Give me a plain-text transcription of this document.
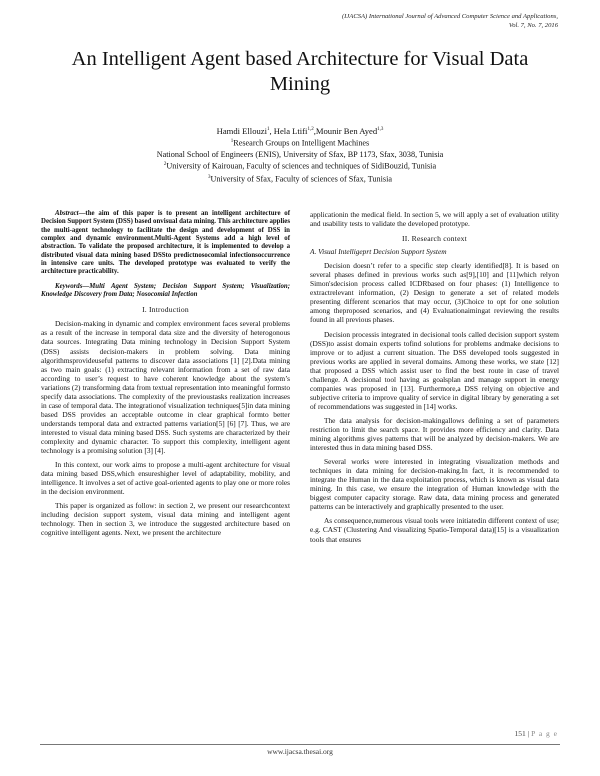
(IJACSA) International Journal of Advanced Computer Science and Applications,
Vol. 7, No. 7, 2016
An Intelligent Agent based Architecture for Visual Data Mining
Hamdi Ellouzi$^1$, Hela Ltifi$^{1,2}$,Mounir Ben Ayed$^{1,3}$
$^1$Research Groups on Intelligent Machines
National School of Engineers (ENIS), University of Sfax, BP 1173, Sfax, 3038, Tunisia
$^2$University of Kairouan, Faculty of sciences and techniques of SidiBouzid, Tunisia
$^3$University of Sfax, Faculty of sciences of Sfax, Tunisia

Abstract—the aim of this paper is to present an intelligent architecture of Decision Support System (DSS) based onvisual data mining. This architecture applies the multi-agent technology to facilitate the design and development of DSS in complex and dynamic environment.Multi-Agent Systems add a high level of abstraction. To validate the proposed architecture, it is implemented to develop a distributed visual data mining based DSSto predictnosocomial infectionsoccurrence in intensive care units. The developed prototype was evaluated to verify the architecture practicability.

Keywords—Multi Agent System; Decision Support System; Visualization; Knowledge Discovery from Data; Nosocomial Infection

I. Introduction

Decision-making in dynamic and complex environment faces several problems as a result of the increase in temporal data size and the diversity of heterogonous data sources. Integrating Data mining technology in Decision Support System (DSS) assists decision-makers in problem solving. Data mining algorithmsprovideuseful patterns to discover data associations [1] [2].Data mining as two main goals: (1) extracting relevant information from a set of raw data according to user’s request to have coherent knowledge about the system’s variations (2) transforming data from textual representation into meaningful formsto specify data associations. The complexity of the previoustasks realization increases in case of temporal data. The integrationof visualization techniques[5]in data mining based DSS provides an acceptable outcome in clear graphical formto better understands temporal data and extracted patterns variation[5] [6] [7]. Thus, we are interested to visual data mining based DSS. Such systems are characterized by their complexity and dynamic character. To support this complexity, intelligent agent technology is a promising solution [3] [4].

In this context, our work aims to propose a multi-agent architecture for visual data mining based DSS,which ensureshigher level of adaptability, mobility, and intelligence. It involves a set of active goal-oriented agents to play one or more roles in the decision environment.

This paper is organized as follow: in section 2, we present our researchcontext including decision support system, visual data mining and intelligent agent technology. Then in section 3, we introduce the suggested architecture based on cognitive intelligent agents. Next, we present the architecture

applicationin the medical field. In section 5, we will apply a set of evaluation utility and usability tests to validate the developed prototype.

II. Research context

A. Visual Intelligeprt Decision Support System

Decision doesn’t refer to a specific step clearly identified[8]. It is based on several phases defined in previous works such as[9],[10] and [11]which relyon Simon'sdecision process called ICDRbased on four phases: (1) Intelligence to extractrelevant information, (2) Design to generate a set of related models presenting different scenarios that may occur, (3)Choice to opt for one solution among theproposed scenarios, and (4) Evaluationaimingat reviewing the results found in all previous phases.

Decision processis integrated in decisional tools called decision support system (DSS)to assist domain experts tofind solutions for problems andmake decisions to improve or to adjust a current situation. The DSS developed tools suggested in previous works are applied in several domains. Among these works, we state [12] that proposed a DSS which assist user to find the best route in case of travel challenge. A decisional tool having as goalsplan and manage support in energy companies was proposed in [13]. Furthermore,a DSS relying on objective and subjective criteria to improve quality of service in digital library by generating a set of recommendations was suggested in [14] works.

The data analysis for decision-makingallows defining a set of parameters restriction to limit the search space. It provides more efficiency and clarity. Data mining algorithms gives patterns that will be analyzed by decision-makers. We are interested thus in data mining based DSS.

Several works were interested in integrating visualization methods and techniques in data mining for decision-making.In fact, it is recommended to integrate the Human in the data exploitation process, which is known as visual data mining. In this case, we ensure the integration of Human knowledge with the biggest computer capacity storage. Raw data, data mining process and generated patterns can be interactively and graphically presented to the user.

As consequence,numerous visual tools were initiatedin different context of use; e.g. CAST (Clustering And visualizing Spatio-Temporal data)[15] is a visualization tools that ensures

151 | P a g e
www.ijacsa.thesai.org
